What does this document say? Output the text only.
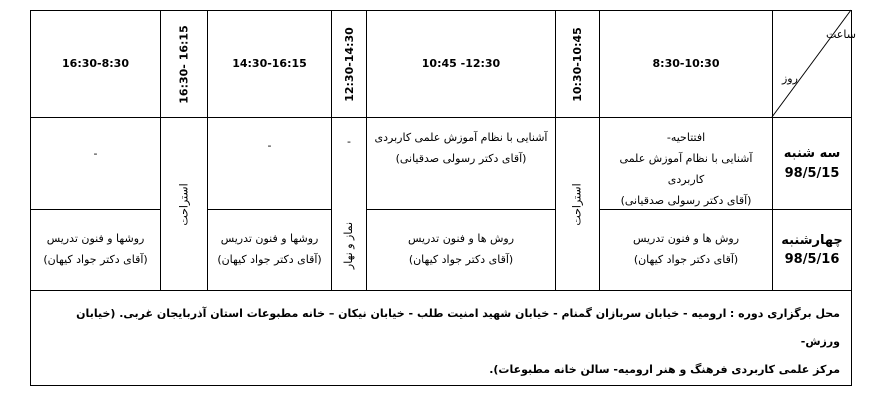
ساعت
روز
8:30-10:30
10:30-10:45
10:45 -12:30
12:30-14:30
14:30-16:15
16:15 -16:30
16:30-8:30
سه شنبه
98/5/15
چهارشنبه
98/5/16
افتتاحیه-
آشنایی با نظام آموزش علمی کاربردی
(آقای دکتر رسولی صدقیانی)
آشنایی با نظام آموزش علمی کاربردی
(آقای دکتر رسولی صدقیانی)
-
-
روش ها و فنون تدریس
(آقای دکتر جواد کیهان)
روش ها و فنون تدریس
(آقای دکتر جواد کیهان)
روشها و فنون تدریس
(آقای دکتر جواد کیهان)
روشها و فنون تدریس
(آقای دکتر جواد کیهان)
استراحت
-
نماز و نهار
استراحت
محل برگزاری دوره : ارومیه - خیابان سربازان گمنام - خیابان شهید امنیت طلب - خیابان نیکان – خانه مطبوعات استان آذربایجان غربی. (خیابان ورزش-
مرکز علمی کاربردی فرهنگ و هنر ارومیه- سالن خانه مطبوعات).
